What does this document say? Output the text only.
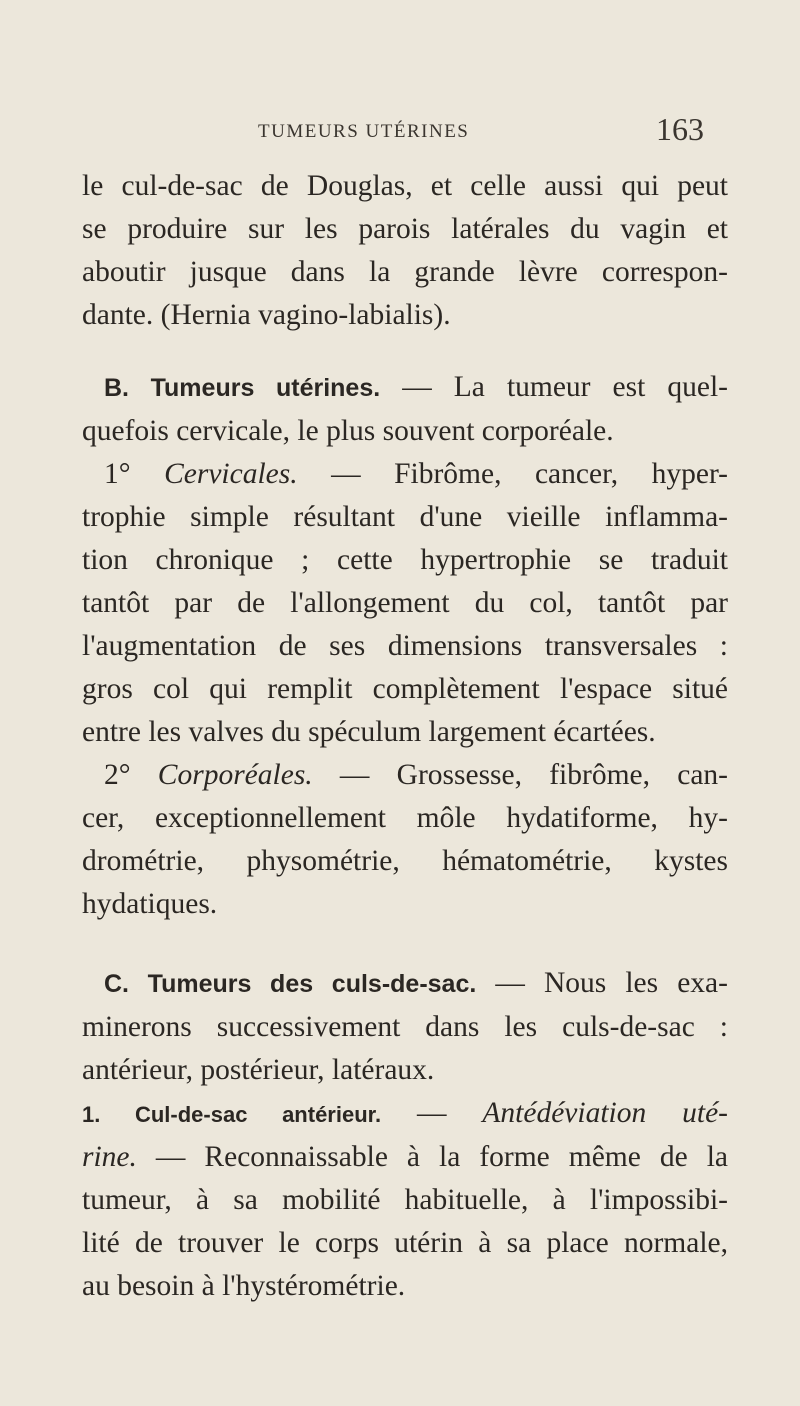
TUMEURS UTÉRINES	163
le cul-de-sac de Douglas, et celle aussi qui peut
se produire sur les parois latérales du vagin et
aboutir jusque dans la grande lèvre correspon-
dante. (Hernia vagino-labialis).
B. Tumeurs utérines. — La tumeur est quel-
quefois cervicale, le plus souvent corporéale.
1° Cervicales. — Fibrôme, cancer, hyper-
trophie simple résultant d'une vieille inflamma-
tion chronique ; cette hypertrophie se traduit
tantôt par de l'allongement du col, tantôt par
l'augmentation de ses dimensions transversales :
gros col qui remplit complètement l'espace situé
entre les valves du spéculum largement écartées.
2° Corporéales. — Grossesse, fibrôme, can-
cer, exceptionnellement môle hydatiforme, hy-
drométrie, physométrie, hématométrie, kystes
hydatiques.
C. Tumeurs des culs-de-sac. — Nous les exa-
minerons successivement dans les culs-de-sac :
antérieur, postérieur, latéraux.
1. Cul-de-sac antérieur. — Antédéviation uté-
rine. — Reconnaissable à la forme même de la
tumeur, à sa mobilité habituelle, à l'impossibi-
lité de trouver le corps utérin à sa place normale,
au besoin à l'hystérométrie.
